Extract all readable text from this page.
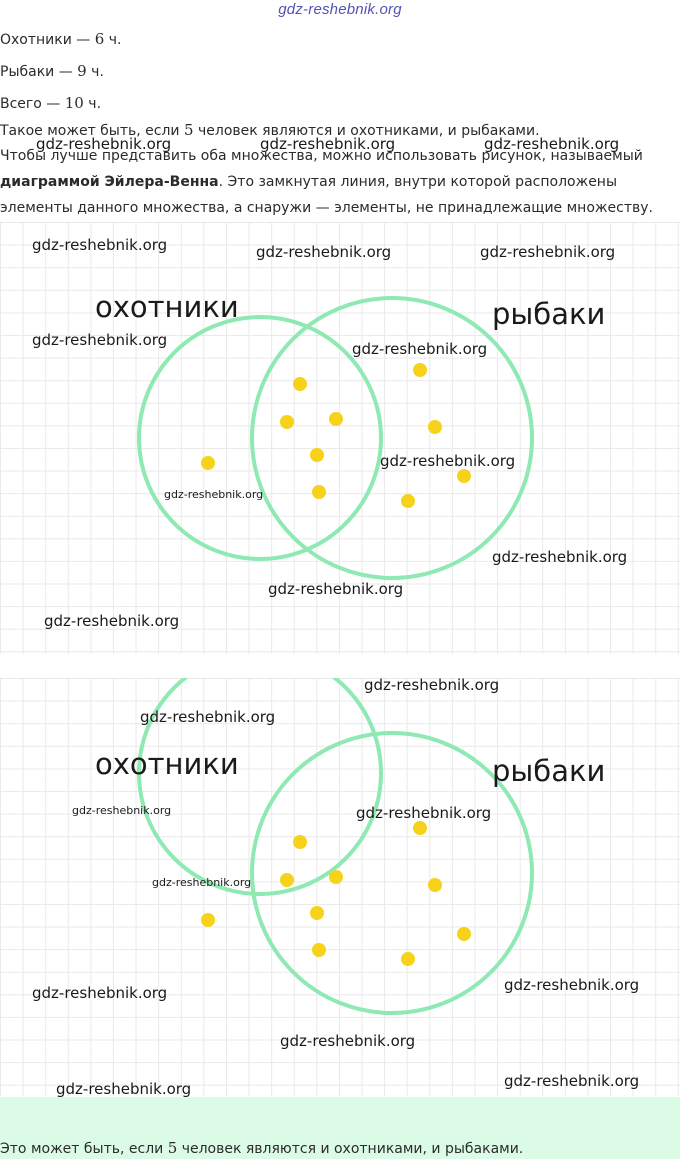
gdz-reshebnik.org
Охотники — 6 ч.
Рыбаки — 9 ч.
Всего — 10 ч.
Такое может быть, если 5 человек являются и охотниками, и рыбаками.
Чтобы лучше представить оба множества, можно использовать рисунок, называемый диаграммой Эйлера-Венна. Это замкнутая линия, внутри которой расположены элементы данного множества, а снаружи — элементы, не принадлежащие множеству.
охотники	рыбаки
охотники	рыбаки
Это может быть, если 5 человек являются и охотниками, и рыбаками.
gdz-reshebnik.org	gdz-reshebnik.org	gdz-reshebnik.org
gdz-reshebnik.org	gdz-reshebnik.org	gdz-reshebnik.org
gdz-reshebnik.org	gdz-reshebnik.org
gdz-reshebnik.org
gdz-reshebnik.org
gdz-reshebnik.org
gdz-reshebnik.org
gdz-reshebnik.org
gdz-reshebnik.org
gdz-reshebnik.org
gdz-reshebnik.org	gdz-reshebnik.org
gdz-reshebnik.org
gdz-reshebnik.org
gdz-reshebnik.org
gdz-reshebnik.org
gdz-reshebnik.org
gdz-reshebnik.org
